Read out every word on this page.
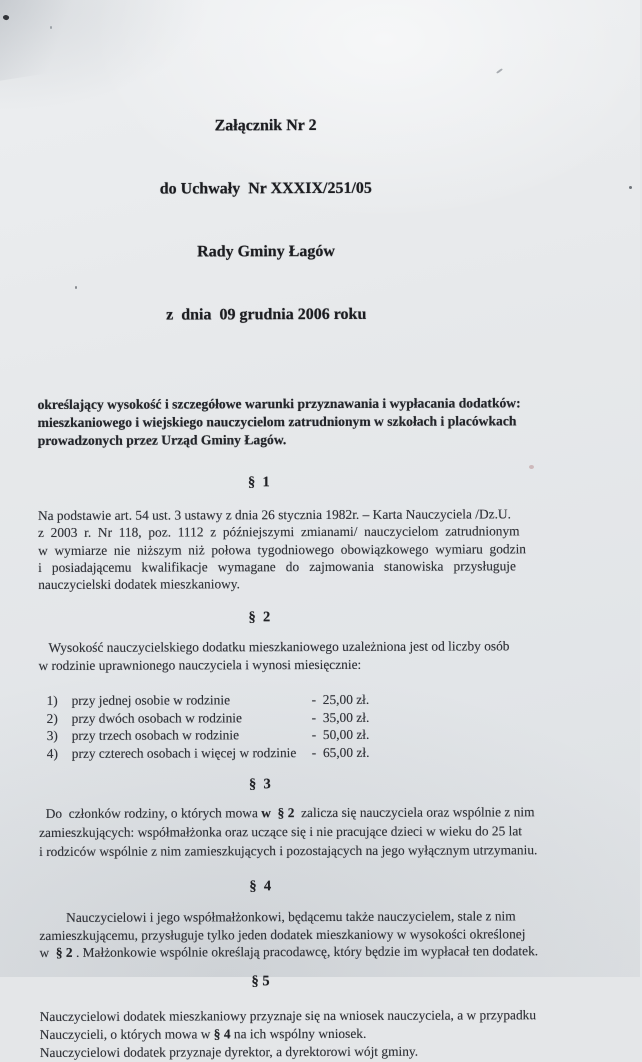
Załącznik Nr 2

do Uchwały  Nr XXXIX/251/05

Rady Gminy Łagów

z  dnia  09 grudnia 2006 roku

określający wysokość i szczegółowe warunki przyznawania i wypłacania dodatków:
mieszkaniowego i wiejskiego nauczycielom zatrudnionym w szkołach i placówkach
prowadzonych przez Urząd Gminy Łagów.

§  1

Na podstawie art. 54 ust. 3 ustawy z dnia 26 stycznia 1982r. – Karta Nauczyciela /Dz.U.
z  2003  r.  Nr  118,  poz.  1112  z  późniejszymi  zmianami/  nauczycielom  zatrudnionym
w  wymiarze  nie  niższym  niż  połowa  tygodniowego  obowiązkowego  wymiaru  godzin
i   posiadającemu   kwalifikacje   wymagane   do   zajmowania   stanowiska   przysługuje
nauczycielski dodatek mieszkaniowy.

§  2

Wysokość nauczycielskiego dodatku mieszkaniowego uzależniona jest od liczby osób
w rodzinie uprawnionego nauczyciela i wynosi miesięcznie:

1)	przy jednej osobie w rodzinie	-  25,00 zł.
2)	przy dwóch osobach w rodzinie	-  35,00 zł.
3)	przy trzech osobach w rodzinie	-  50,00 zł.
4)	przy czterech osobach i więcej w rodzinie	-  65,00 zł.
§  3

Do  członków rodziny, o których mowa w  § 2  zalicza się nauczyciela oraz wspólnie z nim
zamieszkujących: współmałżonka oraz uczące się i nie pracujące dzieci w wieku do 25 lat
i rodziców wspólnie z nim zamieszkujących i pozostających na jego wyłącznym utrzymaniu.

§  4

Nauczycielowi i jego współmałżonkowi, będącemu także nauczycielem, stale z nim
zamieszkującemu, przysługuje tylko jeden dodatek mieszkaniowy w wysokości określonej
w  § 2 . Małżonkowie wspólnie określają pracodawcę, który będzie im wypłacał ten dodatek.

§ 5

Nauczycielowi dodatek mieszkaniowy przyznaje się na wniosek nauczyciela, a w przypadku
Nauczycieli, o których mowa w § 4 na ich wspólny wniosek.
Nauczycielowi dodatek przyznaje dyrektor, a dyrektorowi wójt gminy.
